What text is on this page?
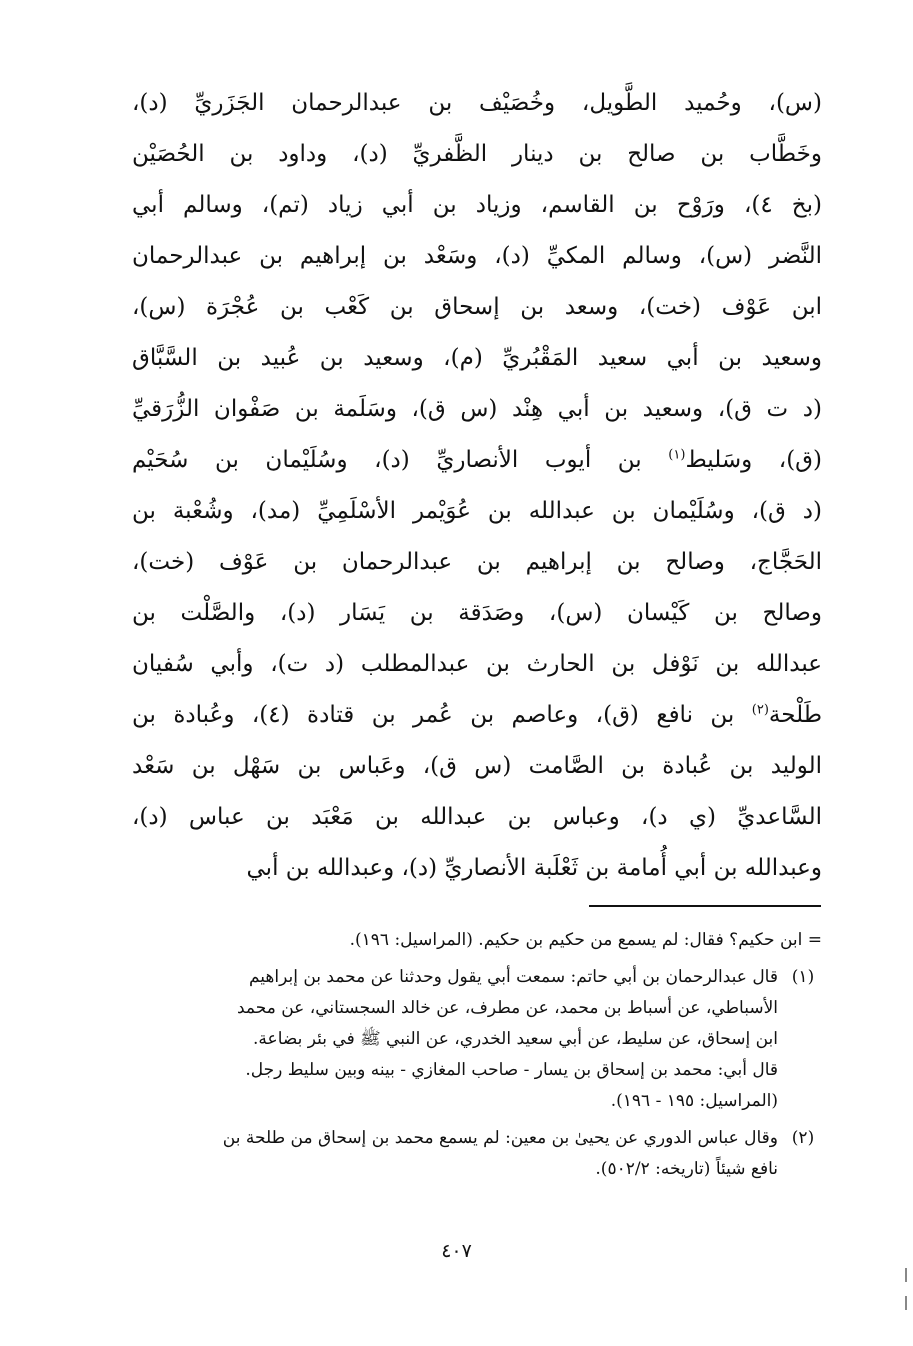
(س)، وحُميد الطَّويل، وخُصَيْف بن عبدالرحمان الجَزَريِّ (د)،
وخَطَّاب بن صالح بن دينار الظَّفريِّ (د)، وداود بن الحُصَيْن
(بخ ٤)، ورَوْح بن القاسم، وزياد بن أبي زياد (تم)، وسالم أبي
النَّضر (س)، وسالم المكيِّ (د)، وسَعْد بن إبراهيم بن عبدالرحمان
ابن عَوْف (خت)، وسعد بن إسحاق بن كَعْب بن عُجْرَة (س)،
وسعيد بن أبي سعيد المَقْبُريِّ (م)، وسعيد بن عُبيد بن السَّبَّاق
(د ت ق)، وسعيد بن أبي هِنْد (س ق)، وسَلَمة بن صَفْوان الزُّرَقيِّ
(ق)، وسَليط$^{(١)}$ بن أيوب الأنصاريِّ (د)، وسُلَيْمان بن سُحَيْم
(د ق)، وسُلَيْمان بن عبدالله بن عُوَيْمر الأسْلَمِيِّ (مد)، وشُعْبة بن
الحَجَّاج، وصالح بن إبراهيم بن عبدالرحمان بن عَوْف (خت)،
وصالح بن كَيْسان (س)، وصَدَقة بن يَسَار (د)، والصَّلْت بن
عبدالله بن نَوْفل بن الحارث بن عبدالمطلب (د ت)، وأبي سُفيان
طَلْحة$^{(٢)}$ بن نافع (ق)، وعاصم بن عُمر بن قتادة (٤)، وعُبادة بن
الوليد بن عُبادة بن الصَّامت (س ق)، وعَباس بن سَهْل بن سَعْد
السَّاعديِّ (ي د)، وعباس بن عبدالله بن مَعْبَد بن عباس (د)،
وعبدالله بن أبي أُمامة بن ثَعْلَبة الأنصاريِّ (د)، وعبدالله بن أبي
= ابن حكيم؟ فقال: لم يسمع من حكيم بن حكيم. (المراسيل: ١٩٦).
(١)
قال عبدالرحمان بن أبي حاتم: سمعت أبي يقول وحدثنا عن محمد بن إبراهيم
الأسباطي، عن أسباط بن محمد، عن مطرف، عن خالد السجستاني، عن محمد
ابن إسحاق، عن سليط، عن أبي سعيد الخدري، عن النبي ﷺ في بئر بضاعة.
قال أبي: محمد بن إسحاق بن يسار - صاحب المغازي - بينه وبين سليط رجل.
(المراسيل: ١٩٥ - ١٩٦).
(٢)
وقال عباس الدوري عن يحيىٰ بن معين: لم يسمع محمد بن إسحاق من طلحة بن
نافع شيئاً (تاريخه: ٥٠٢/٢).
٤٠٧
